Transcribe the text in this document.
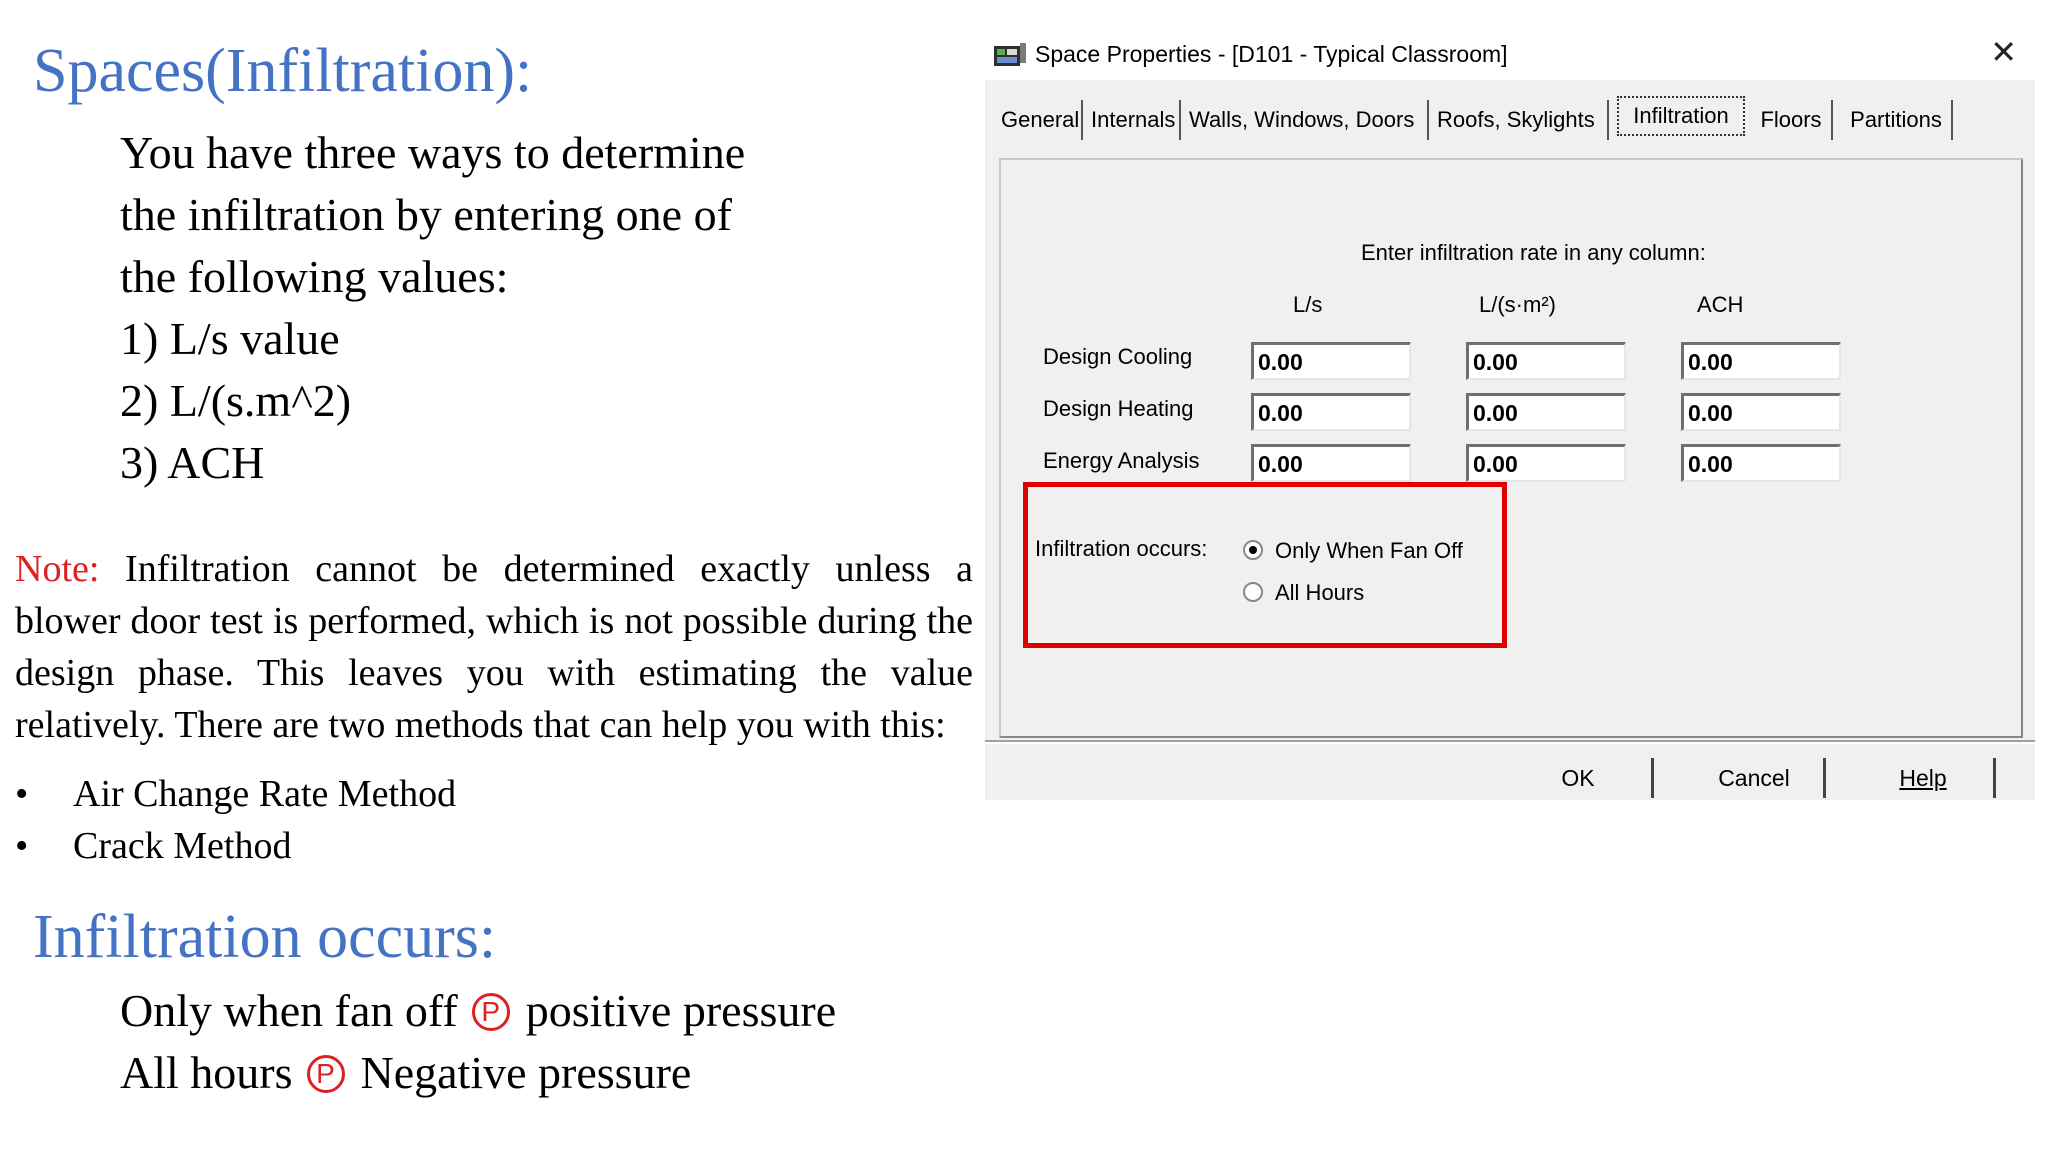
Spaces(Infiltration):
You have three ways to determine
the infiltration by entering one of
the following values:
1) L/s value
2) L/(s.m^2)
3) ACH

Note: Infiltration cannot be determined exactly unless a blower door test is performed, which is not possible during the design phase. This leaves you with estimating the value relatively. There are two methods that can help you with this:

• Air Change Rate Method
• Crack Method
Infiltration occurs:
Only when fan off P positive pressure
All hours P Negative pressure
Space Properties - [D101 - Typical Classroom]	✕
General Internals Walls, Windows, Doors	Roofs, Skylights	Infiltration	Floors	Partitions
Enter infiltration rate in any column:
L/s	L/(s·m²)	ACH
Design Cooling	0.00	0.00	0.00
Design Heating	0.00	0.00	0.00
Energy Analysis	0.00	0.00	0.00
Infiltration occurs:	Only When Fan Off
All Hours
OK	Cancel	Help
